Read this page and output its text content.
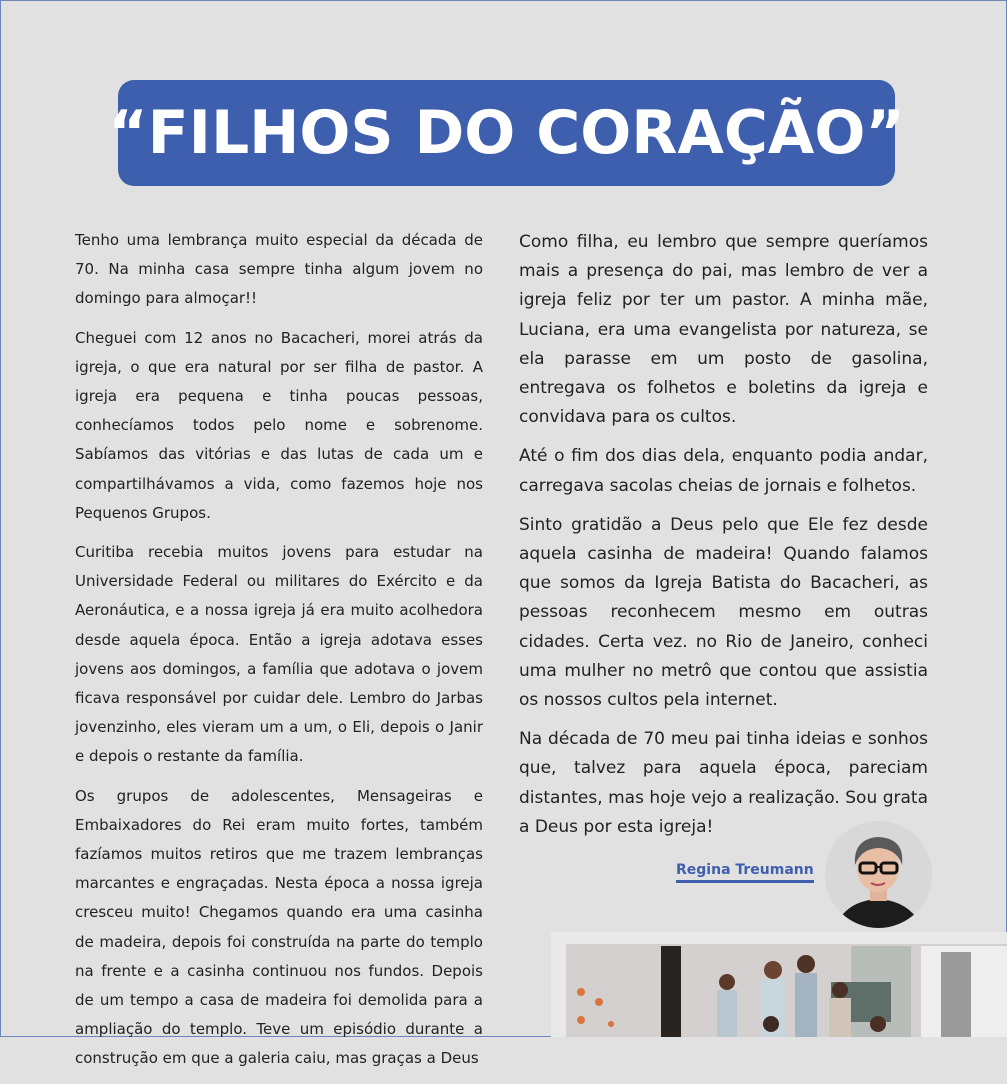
“FILHOS DO CORAÇÃO”

Tenho uma lembrança muito especial da década de 70. Na minha casa sempre tinha algum jovem no domingo para almoçar!!

Cheguei com 12 anos no Bacacheri, morei atrás da igreja, o que era natural por ser filha de pastor. A igreja era pequena e tinha poucas pessoas, conhecíamos todos pelo nome e sobrenome. Sabíamos das vitórias e das lutas de cada um e compartilhávamos a vida, como fazemos hoje nos Pequenos Grupos.

Curitiba recebia muitos jovens para estudar na Universidade Federal ou militares do Exército e da Aeronáutica, e a nossa igreja já era muito acolhedora desde aquela época. Então a igreja adotava esses jovens aos domingos, a família que adotava o jovem ficava responsável por cuidar dele. Lembro do Jarbas jovenzinho, eles vieram um a um, o Eli, depois o Janir e depois o restante da família.

Os grupos de adolescentes, Mensageiras e Embaixadores do Rei eram muito fortes, também fazíamos muitos retiros que me trazem lembranças marcantes e engraçadas. Nesta época a nossa igreja cresceu muito! Chegamos quando era uma casinha de madeira, depois foi construída na parte do templo na frente e a casinha continuou nos fundos. Depois de um tempo a casa de madeira foi demolida para a ampliação do templo. Teve um episódio durante a construção em que a galeria caiu, mas graças a Deus

Como filha, eu lembro que sempre queríamos mais a presença do pai, mas lembro de ver a igreja feliz por ter um pastor. A minha mãe, Luciana, era uma evangelista por natureza, se ela parasse em um posto de gasolina, entregava os folhetos e boletins da igreja e convidava para os cultos.

Até o fim dos dias dela, enquanto podia andar, carregava sacolas cheias de jornais e folhetos.

Sinto gratidão a Deus pelo que Ele fez desde aquela casinha de madeira! Quando falamos que somos da Igreja Batista do Bacacheri, as pessoas reconhecem mesmo em outras cidades. Certa vez. no Rio de Janeiro, conheci uma mulher no metrô que contou que assistia os nossos cultos pela internet.

Na década de 70 meu pai tinha ideias e sonhos que, talvez para aquela época, pareciam distantes, mas hoje vejo a realização. Sou grata a Deus por esta igreja!

Regina Treumann
